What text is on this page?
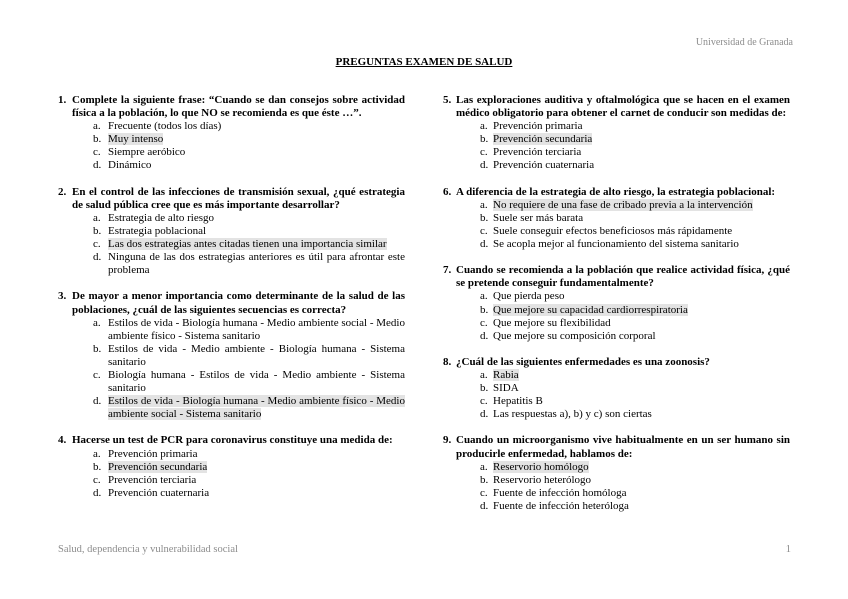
Universidad de Granada
PREGUNTAS EXAMEN DE SALUD
1. Complete la siguiente frase: “Cuando se dan consejos sobre actividad física a la población, lo que NO se recomienda es que éste …”.
a. Frecuente (todos los días)
b. Muy intenso
c. Siempre aeróbico
d. Dinámico
2. En el control de las infecciones de transmisión sexual, ¿qué estrategia de salud pública cree que es más importante desarrollar?
a. Estrategia de alto riesgo
b. Estrategia poblacional
c. Las dos estrategias antes citadas tienen una importancia similar
d. Ninguna de las dos estrategias anteriores es útil para afrontar este problema
3. De mayor a menor importancia como determinante de la salud de las poblaciones, ¿cuál de las siguientes secuencias es correcta?
a. Estilos de vida - Biología humana - Medio ambiente social - Medio ambiente físico - Sistema sanitario
b. Estilos de vida - Medio ambiente - Biología humana - Sistema sanitario
c. Biología humana - Estilos de vida - Medio ambiente - Sistema sanitario
d. Estilos de vida - Biología humana - Medio ambiente físico - Medio ambiente social - Sistema sanitario
4. Hacerse un test de PCR para coronavirus constituye una medida de:
a. Prevención primaria
b. Prevención secundaria
c. Prevención terciaria
d. Prevención cuaternaria
5. Las exploraciones auditiva y oftalmológica que se hacen en el examen médico obligatorio para obtener el carnet de conducir son medidas de:
a. Prevención primaria
b. Prevención secundaria
c. Prevención terciaria
d. Prevención cuaternaria
6. A diferencia de la estrategia de alto riesgo, la estrategia poblacional:
a. No requiere de una fase de cribado previa a la intervención
b. Suele ser más barata
c. Suele conseguir efectos beneficiosos más rápidamente
d. Se acopla mejor al funcionamiento del sistema sanitario
7. Cuando se recomienda a la población que realice actividad física, ¿qué se pretende conseguir fundamentalmente?
a. Que pierda peso
b. Que mejore su capacidad cardiorrespiratoria
c. Que mejore su flexibilidad
d. Que mejore su composición corporal
8. ¿Cuál de las siguientes enfermedades es una zoonosis?
a. Rabia
b. SIDA
c. Hepatitis B
d. Las respuestas a), b) y c) son ciertas
9. Cuando un microorganismo vive habitualmente en un ser humano sin producirle enfermedad, hablamos de:
a. Reservorio homólogo
b. Reservorio heterólogo
c. Fuente de infección homóloga
d. Fuente de infección heteróloga
Salud, dependencia y vulnerabilidad social	1
